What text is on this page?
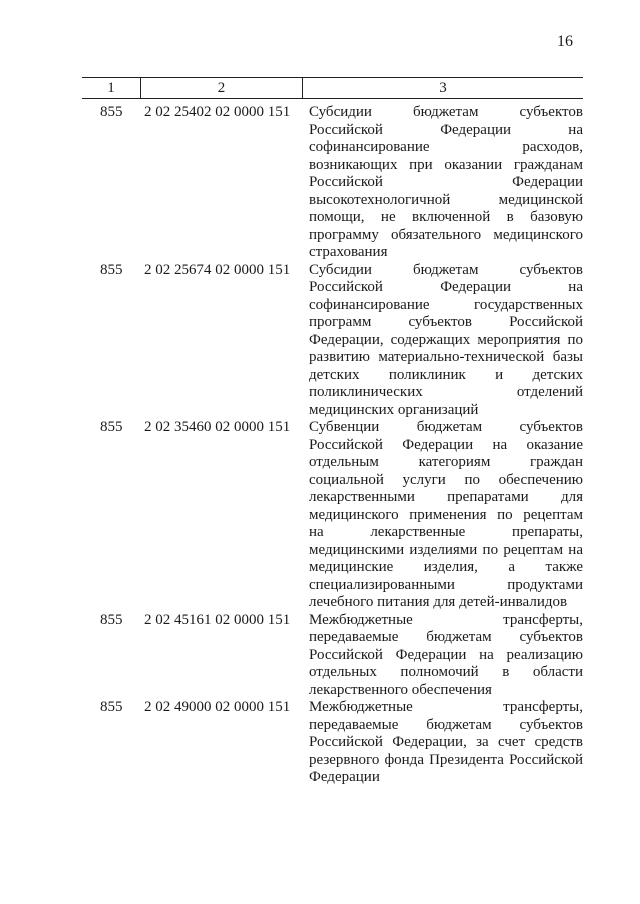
16
1	2	3
855 2 02 25402 02 0000 151 Субсидии бюджетам субъектов
Российской Федерации на
софинансирование расходов,
возникающих при оказании гражданам
Российской Федерации
высокотехнологичной медицинской
помощи, не включенной в базовую
программу обязательного медицинского
страхования
855 2 02 25674 02 0000 151 Субсидии бюджетам субъектов
Российской Федерации на
софинансирование государственных
программ субъектов Российской
Федерации, содержащих мероприятия по
развитию материально-технической базы
детских поликлиник и детских
поликлинических отделений
медицинских организаций
855 2 02 35460 02 0000 151 Субвенции бюджетам субъектов
Российской Федерации на оказание
отдельным категориям граждан
социальной услуги по обеспечению
лекарственными препаратами для
медицинского применения по рецептам
на лекарственные препараты,
медицинскими изделиями по рецептам на
медицинские изделия, а также
специализированными продуктами
лечебного питания для детей-инвалидов
855 2 02 45161 02 0000 151 Межбюджетные трансферты,
передаваемые бюджетам субъектов
Российской Федерации на реализацию
отдельных полномочий в области
лекарственного обеспечения
855 2 02 49000 02 0000 151 Межбюджетные трансферты,
передаваемые бюджетам субъектов
Российской Федерации, за счет средств
резервного фонда Президента Российской
Федерации
